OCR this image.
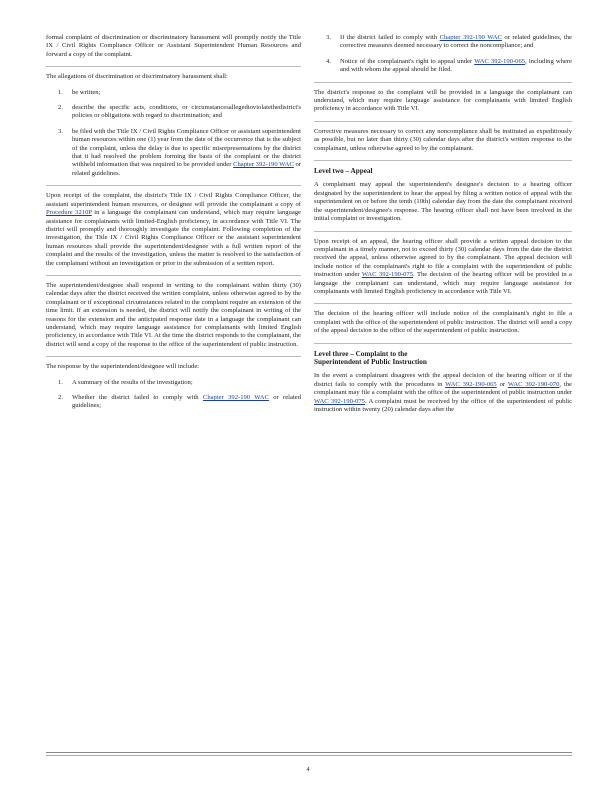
formal complaint of discrimination or discriminatory harassment will promptly notify the Title IX / Civil Rights Compliance Officer or Assistant Superintendent Human Resources and forward a copy of the complaint.

The allegations of discrimination or discriminatory harassment shall:

1.	be written;
2.	describe the specific acts, conditions, or circumstancesallegedtoviolatethedistrict's policies or obligations with regard to discrimination; and
3.	be filed with the Title IX / Civil Rights Compliance Officer or assistant superintendent human resources within one (1) year from the date of the occurrence that is the subject of the complaint, unless the delay is due to specific misrepresentations by the district that it had resolved the problem forming the basis of the complaint or the district withheld information that was required to be provided under Chapter 392-190 WAC or related guidelines.

Upon receipt of the complaint, the district's Title IX / Civil Rights Compliance Officer, the assistant superintendent human resources, or designee will provide the complainant a copy of Procedure 3210P in a language the complainant can understand, which may require language assistance for complainants with limited-English proficiency, in accordance with Title VI. The district will promptly and thoroughly investigate the complaint. Following completion of the investigation, the Title IX / Civil Rights Compliance Officer or the assistant superintendent human resources shall provide the superintendent/designee with a full written report of the complaint and the results of the investigation, unless the matter is resolved to the satisfaction of the complainant without an investigation or prior to the submission of a written report.

The superintendent/designee shall respond in writing to the complainant within thirty (30) calendar days after the district received the written complaint, unless otherwise agreed to by the complainant or if exceptional circumstances related to the complaint require an extension of the time limit. If an extension is needed, the district will notify the complainant in writing of the reasons for the extension and the anticipated response date in a language the complainant can understand, which may require language assistance for complainants with limited English proficiency, in accordance with Title VI. At the time the district responds to the complainant, the district will send a copy of the response to the office of the superintendent of public instruction.

The response by the superintendent/designee will include:

1.	A summary of the results of the investigation;
2.	Whether the district failed to comply with Chapter 392-190 WAC or related guidelines;
3.	If the district failed to comply with Chapter 392-190 WAC or related guidelines, the corrective measures deemed necessary to correct the noncompliance; and
4.	Notice of the complainant's right to appeal under WAC 392-190-065, including where and with whom the appeal should be filed.

The district's response to the complaint will be provided in a language the complainant can understand, which may require language assistance for complainants with limited English proficiency in accordance with Title VI.

Corrective measures necessary to correct any noncompliance shall be instituted as expeditiously as possible, but no later than thirty (30) calendar days after the district's written response to the complainant, unless otherwise agreed to by the complainant.

Level two – Appeal

A complainant may appeal the superintendent's designee's decision to a hearing officer designated by the superintendent to hear the appeal by filing a written notice of appeal with the superintendent on or before the tenth (10th) calendar day from the date the complainant received the superintendent/designee's response. The hearing officer shall not have been involved in the initial complaint or investigation.

Upon receipt of an appeal, the hearing officer shall provide a written appeal decision to the complainant in a timely manner, not to exceed thirty (30) calendar days from the date the district received the appeal, unless otherwise agreed to by the complainant. The appeal decision will include notice of the complainant's right to file a complaint with the superintendent of public instruction under WAC 392-190-075. The decision of the hearing officer will be provided in a language the complainant can understand, which may require language assistance for complainants with limited English proficiency in accordance with Title VI.

The decision of the hearing officer will include notice of the complainant's right to file a complaint with the office of the superintendent of public instruction. The district will send a copy of the appeal decision to the office of the superintendent of public instruction.

Level three – Complaint to the
Superintendent of Public Instruction

In the event a complainant disagrees with the appeal decision of the hearing officer or if the district fails to comply with the procedures in WAC 392-190-065 or WAC 392-190-070, the complainant may file a complaint with the office of the superintendent of public instruction under WAC 392-190-075. A complaint must be received by the office of the superintendent of public instruction within twenty (20) calendar days after the

4
